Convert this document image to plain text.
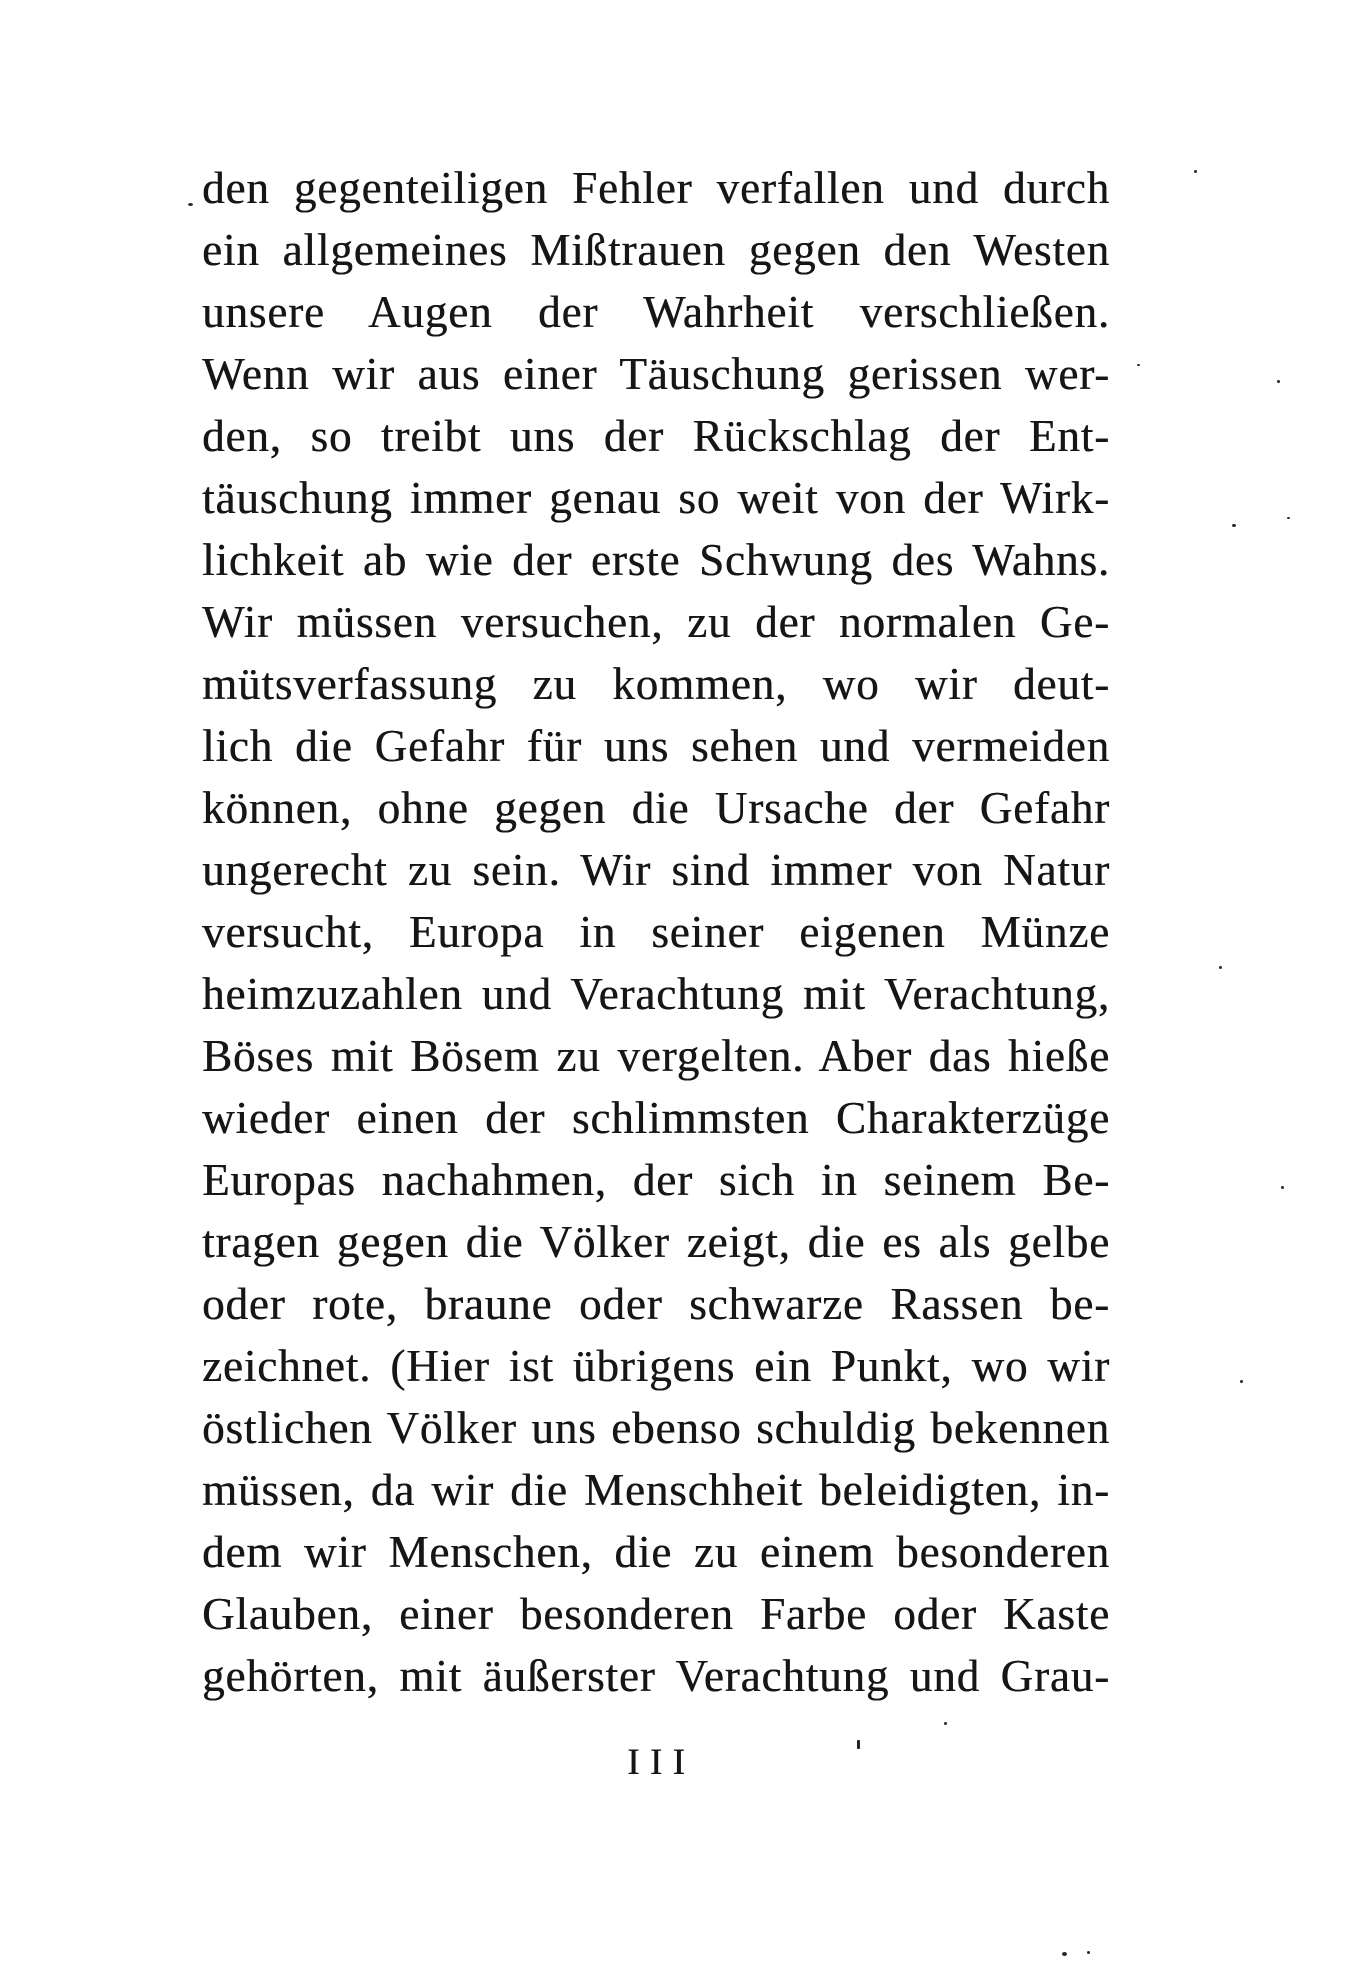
den gegenteiligen Fehler verfallen und durch
ein allgemeines Mißtrauen gegen den Westen
unsere Augen der Wahrheit verschließen.
Wenn wir aus einer Täuschung gerissen wer-
den, so treibt uns der Rückschlag der Ent-
täuschung immer genau so weit von der Wirk-
lichkeit ab wie der erste Schwung des Wahns.
Wir müssen versuchen, zu der normalen Ge-
mütsverfassung zu kommen, wo wir deut-
lich die Gefahr für uns sehen und vermeiden
können, ohne gegen die Ursache der Gefahr
ungerecht zu sein. Wir sind immer von Natur
versucht, Europa in seiner eigenen Münze
heimzuzahlen und Verachtung mit Verachtung,
Böses mit Bösem zu vergelten. Aber das hieße
wieder einen der schlimmsten Charakterzüge
Europas nachahmen, der sich in seinem Be-
tragen gegen die Völker zeigt, die es als gelbe
oder rote, braune oder schwarze Rassen be-
zeichnet. (Hier ist übrigens ein Punkt, wo wir
östlichen Völker uns ebenso schuldig bekennen
müssen, da wir die Menschheit beleidigten, in-
dem wir Menschen, die zu einem besonderen
Glauben, einer besonderen Farbe oder Kaste
gehörten, mit äußerster Verachtung und Grau-
III
